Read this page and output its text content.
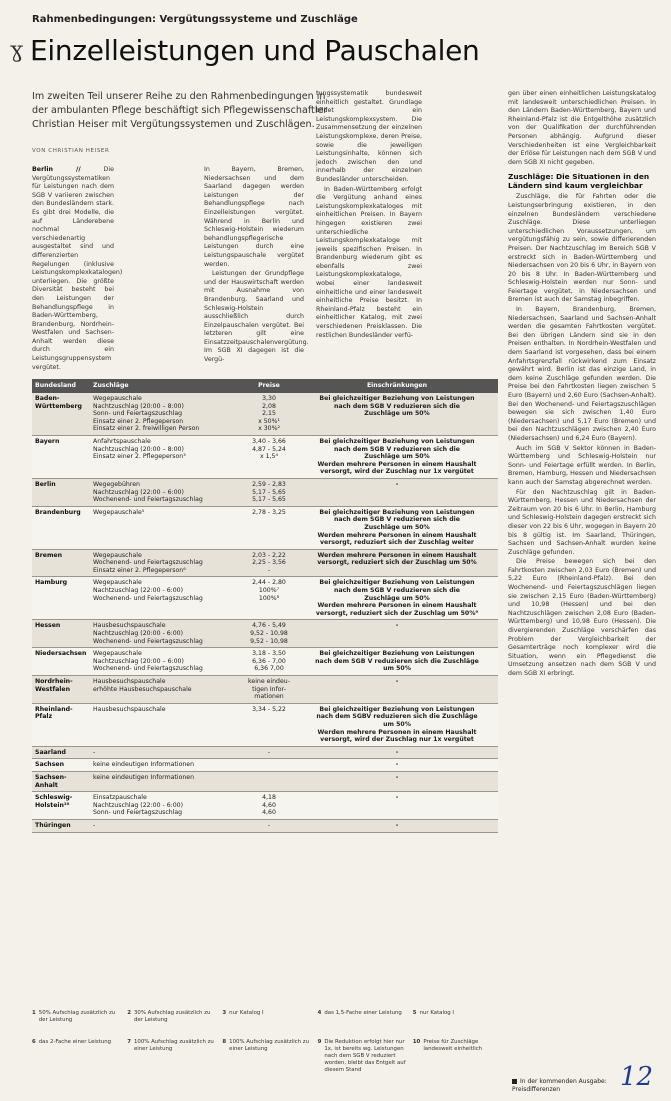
Rahmenbedingungen: Vergütungssysteme und Zuschläge
ɣ Einzelleistungen und Pauschalen
Im zweiten Teil unserer Reihe zu den Rahmenbedingungen in der ambulanten Pflege beschäftigt sich Pflegewissenschaftler Christian Heiser mit Vergütungssystemen und Zuschlägen.
VON CHRISTIAN HEISER

Berlin //	Die Vergütungssystematiken für Leistungen nach dem SGB V variieren zwischen den Bundesländern stark. Es gibt drei Modelle, die auf Länderebene nochmal verschiedenartig ausgestaltet sind und differenzierten Regelungen (inklusive Leistungskomplexkatalogen) unterliegen. Die größte Diversität besteht bei den Leistungen der Behandlungspflege in Baden-Württemberg, Brandenburg, Nordrhein-Westfalen und Sachsen-Anhalt werden diese durch ein Leistungsgruppensystem vergütet.

In Bayern, Bremen, Niedersachsen und dem Saarland dagegen werden Leistungen der Behandlungspflege nach Einzelleistungen vergütet. Während in Berlin und Schleswig-Holstein wiederum behandlungspflegerische Leistungen durch eine Leistungspauschale vergütet werden.

Leistungen der Grundpflege und der Hauswirtschaft werden mit Ausnahme von Brandenburg, Saarland und Schleswig-Holstein ausschließlich durch Einzelpauschalen vergütet. Bei letzteren gilt eine Einsatzzeitpauschalenvergütung. Im SGB XI dagegen ist die Vergü-

tungssystematik bundesweit einheitlich gestaltet. Grundlage bildet ein Leistungskomplexsystem. Die Zusammensetzung der einzelnen Leistungskomplexe, deren Preise, sowie die jeweiligen Leistungsinhalte, können sich jedoch zwischen den und innerhalb der einzelnen Bundesländer unterscheiden.

In Baden-Württemberg erfolgt die Vergütung anhand eines Leistungskomplexkataloges mit einheitlichen Preisen. In Bayern hingegen existieren zwei unterschiedliche Leistungskomplexkataloge mit jeweils spezifischen Preisen. In Brandenburg wiederum gibt es ebenfalls zwei Leistungskomplexkataloge, wobei einer landesweit einheitliche und einer landesweit einheitliche Preise besitzt. In Rheinland-Pfalz besteht ein einheitlicher Katalog, mit zwei verschiedenen Preisklassen. Die restlichen Bundesländer verfü-

gen über einen einheitlichen Leistungskatalog mit landesweit unterschiedlichen Preisen. In den Ländern Baden-Württemberg, Bayern und Rheinland-Pfalz ist die Entgelthöhe zusätzlich von der Qualifikation der durchführenden Personen abhängig. Aufgrund dieser Verschiedenheiten ist eine Vergleichbarkeit der Erlöse für Leistungen nach dem SGB V und dem SGB XI nicht gegeben.

Zuschläge: Die Situationen in den Ländern sind kaum vergleichbar

Zuschläge, die für Fahrten oder die Leistungserbringung existieren, in den einzelnen Bundesländern verschiedene Zuschläge. Diese unterliegen unterschiedlichen Voraussetzungen, um vergütungsfähig zu sein, sowie differierenden Preisen. Der Nachtzuschlag im Bereich SGB V erstreckt sich in Baden-Württemberg und Niedersachsen von 20 bis 6 Uhr, in Bayern von 20 bis 8 Uhr. In Baden-Württemberg und Schleswig-Holstein werden nur Sonn- und Feiertage vergütet, in Niedersachsen und Bremen ist auch der Samstag inbegriffen.

In Bayern, Brandenburg, Bremen, Niedersachsen, Saarland und Sachsen-Anhalt werden die gesamten Fahrtkosten vergütet. Bei den übrigen Ländern sind sie in den Preisen enthalten. In Nordrhein-Westfalen und dem Saarland ist vorgesehen, dass bei einem Anfahrtsgrenzfall rückwirkend zum Einsatz gewährt wird. Berlin ist das einzige Land, in dem keine Zuschläge gefunden werden. Die Preise bei den Fahrtkosten liegen zwischen 5 Euro (Bayern) und 2,60 Euro (Sachsen-Anhalt). Bei den Wochenend- und Feiertagszuschlägen bewegen sie sich zwischen 1,40 Euro (Niedersachsen) und 5,17 Euro (Bremen) und bei den Nachtzuschlägen zwischen 2,40 Euro (Niedersachsen) und 6,24 Euro (Bayern).

Auch im SGB V Sektor können in Baden-Württemberg und Schleswig-Holstein nur Sonn- und Feiertage erfüllt werden. In Berlin, Bremen, Hamburg, Hessen und Niedersachsen kann auch der Samstag abgerechnet werden.

Für den Nachtzuschlag gilt in Baden-Württemberg, Hessen und Niedersachsen der Zeitraum von 20 bis 6 Uhr. In Berlin, Hamburg und Schleswig-Holstein dagegen erstreckt sich dieser von 22 bis 6 Uhr, wogegen in Bayern 20 bis 8 gültig ist. Im Saarland, Thüringen, Sachsen und Sachsen-Anhalt wurden keine Zuschläge gefunden.

Die Preise bewegen sich bei den Fahrtkosten zwischen 2,03 Euro (Bremen) und 5,22 Euro (Rheinland-Pfalz). Bei den Wochenend- und Feiertagszuschlägen liegen sie zwischen 2,15 Euro (Baden-Württemberg) und 10,98 (Hessen) und bei den Nachtzuschlägen zwischen 2,08 Euro (Baden-Württemberg) und 10,98 Euro (Hessen). Die divergierenden Zuschläge verschärfen das Problem der Vergleichbarkeit der Gesamterträge noch komplexer wird die Situation, wenn ein Pflegedienst die Umsetzung ansetzen nach dem SGB V und dem SGB XI erbringt.

Bundesland	Zuschläge	Preise	Einschränkungen
Baden-Württemberg	Wegepauschale
Nachtzuschlag (20:00 – 8:00)
Sonn- und Feiertagszuschlag
Einsatz einer 2. Pflegeperson
Einsatz einer 2. freiwilligen Person	3,30
2,08
2,15
x 50%¹
x 30%²	Bei gleichzeitiger Beziehung von Leistungen
nach dem SGB V reduzieren sich die
Zuschläge um 50%

Bayern	Anfahrtspauschale
Nachtzuschlag (20:00 – 8:00)
Einsatz einer 2. Pflegeperson³	3,40 - 3,66
4,87 - 5,24
x 1,5⁴	Bei gleichzeitiger Beziehung von Leistungen
nach dem SGB V reduzieren sich die
Zuschläge um 50%
Werden mehrere Personen in einem Haushalt
versorgt, wird der Zuschlag nur 1x vergütet

Berlin	Wegegebühren
Nachtzuschlag (22:00 – 6:00)
Wochenend- und Feiertagszuschlag	2,59 - 2,83
5,17 - 5,65
5,17 - 5,65	-

Brandenburg	Wegepauschale⁵	2,78 - 3,25	Bei gleichzeitiger Beziehung von Leistungen
nach dem SGB V reduzieren sich die
Zuschläge um 50%
Werden mehrere Personen in einem Haushalt
versorgt, reduziert sich der Zuschlag weiter

Bremen	Wegepauschale
Wochenend- und Feiertagszuschlag
Einsatz einer 2. Pflegeperson⁶	2,03 - 2,22
2,25 - 3,56
-	Werden mehrere Personen in einem Haushalt
versorgt, reduziert sich der Zuschlag um 50%

Hamburg	Wegepauschale
Nachtzuschlag (22:00 - 6:00)
Wochenend- und Feiertagszuschlag	2,44 - 2,80
100%⁷
100%⁸	Bei gleichzeitiger Beziehung von Leistungen
nach dem SGB V reduzieren sich die
Zuschläge um 50%
Werden mehrere Personen in einem Haushalt
versorgt, reduziert sich der Zuschlag um 50%⁹

Hessen	Hausbesuchspauschale
Nachtzuschlag (20:00 - 6:00)
Wochenend- und Feiertagszuschlag	4,76 - 5,49
9,52 - 10,98
9,52 - 10,98	-

Niedersachsen	Wegepauschale
Nachtzuschlag (20:00 – 6:00)
Wochenend- und Feiertagszuschlag	3,18 - 3,50
6,36 - 7,00
6,36 7,00	Bei gleichzeitiger Beziehung von Leistungen
nach dem SGB V reduzieren sich die Zuschläge
um 50%

Nordrhein-Westfalen	Hausbesuchspauschale
erhöhte Hausbesuchspauschale	keine eindeu-
tigen Infor-
mationen	-

Rheinland-Pfalz	Hausbesuchspauschale	3,34 - 5,22	Bei gleichzeitiger Beziehung von Leistungen
nach dem SGBV reduzieren sich die Zuschläge
um 50%
Werden mehrere Personen in einem Haushalt
versorgt, wird der Zuschlag nur 1x vergütet

Saarland	-	-	-

Sachsen	keine eindeutigen Informationen		-

Sachsen-Anhalt	keine eindeutigen Informationen		-

Schleswig-Holstein¹⁰	Einsatzpauschale
Nachtzuschlag (22:00 - 6:00)
Sonn- und Feiertagszuschlag	4,18
4,60
4,60	-

Thüringen	-	-	-
1 50% Aufschlag zusätzlich zu der Leistung
2 30% Aufschlag zusätzlich zu der Leistung
3 nur Katalog I	4 das 1,5-Fache einer Leistung 5 nur Katalog I
6 das 2-Fache einer Leistung	7 100% Aufschlag zusätzlich zu einer Leistung
8 100% Aufschlag zusätzlich zu einer Leistung
9 Die Reduktion erfolgt hier nur 1x, ist bereits wg. Leistungen nach dem SGB V reduziert worden, bleibt das Entgelt auf diesem Stand
10 Preise für Zuschläge landesweit einheitlich
In der kommenden Ausgabe: Preisdifferenzen	12
